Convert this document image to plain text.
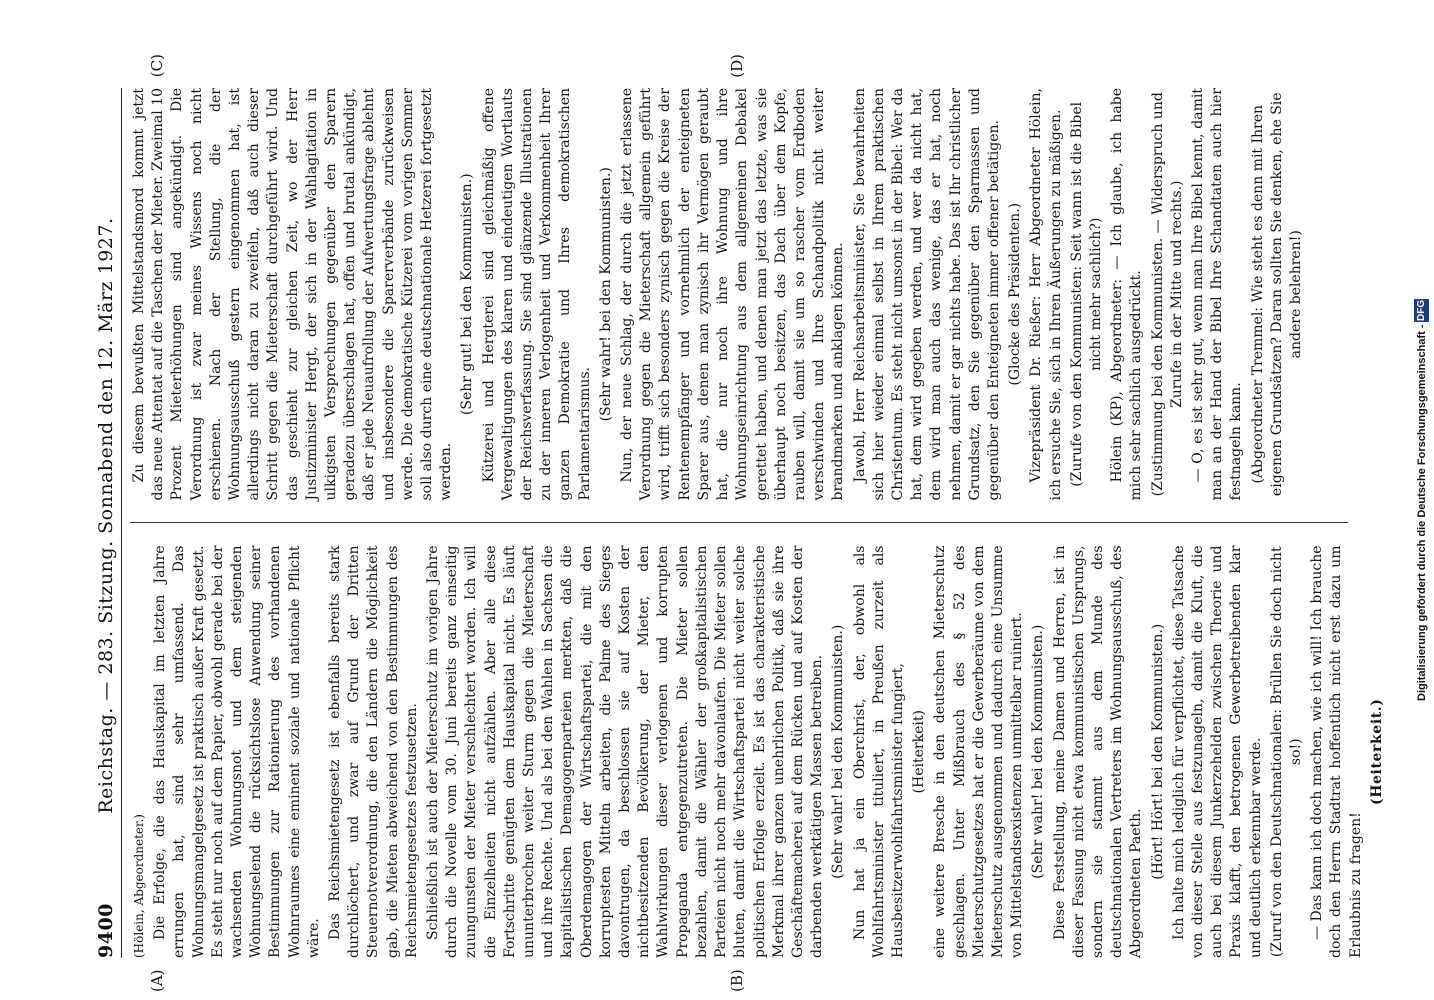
9400
Reichstag. — 283. Sitzung. Sonnabend den 12. März 1927.

(Hölein, Abgeordneter.) Die Erfolge, die das Hauskapital im letzten Jahre errungen hat, sind sehr umfassend. Das Wohnungsmangelgesetz ist praktisch außer Kraft gesetzt. Es steht nur noch auf dem Papier, obwohl gerade bei der wachsenden Wohnungsnot und dem steigenden Wohnungselend die rücksichtslose Anwendung seiner Bestimmungen zur Rationierung des vorhandenen Wohnraumes eine eminent soziale und nationale Pflicht wäre. Das Reichsmietengesetz ist ebenfalls bereits stark durchlöchert, und zwar auf Grund der Dritten Steuernotverordnung, die den Ländern die Möglichkeit gab, die Mieten abweichend von den Bestimmungen des Reichsmietengesetzes festzusetzen. Schließlich ist auch der Mieterschutz im vorigen Jahre durch die Novelle vom 30. Juni bereits ganz einseitig zuungunsten der Mieter verschlechtert worden. Ich will die Einzelheiten nicht aufzählen. Aber alle diese Fortschritte genügten dem Hauskapital nicht. Es läuft ununterbrochen weiter Sturm gegen die Mieterschaft und ihre Rechte. Und als bei den Wahlen in Sachsen die kapitalistischen Demagogenparteien merkten, daß die Oberdemagogen der Wirtschaftspartei, die mit den korruptesten Mitteln arbeiten, die Palme des Sieges davontrugen, da beschlossen sie auf Kosten der nichtbesitzenden Bevölkerung, der Mieter, den Wahlwirkungen dieser verlogenen und korrupten Propaganda entgegenzutreten. Die Mieter sollen bezahlen, damit die Wähler der großkapitalistischen Parteien nicht noch mehr davonlaufen. Die Mieter sollen bluten, damit die Wirtschaftspartei nicht weiter solche politischen Erfolge erzielt. Es ist das charakteristische Merkmal ihrer ganzen unehrlichen Politik, daß sie ihre Geschäftemacherei auf dem Rücken und auf Kosten der darbenden werktätigen Massen betreiben. (Sehr wahr! bei den Kommunisten.) Nun hat ja ein Oberchrist, der, obwohl als Wohlfahrtsminister tituliert, in Preußen zurzeit als Hausbesitzerwohlfahrtsminister fungiert, (Heiterkeit) eine weitere Bresche in den deutschen Mieterschutz geschlagen. Unter Mißbrauch des § 52 des Mieterschutzgesetzes hat er die Gewerberäume von dem Mieterschutz ausgenommen und dadurch eine Unsumme von Mittelstandsexistenzen unmittelbar ruiniert. (Sehr wahr! bei den Kommunisten.) Diese Feststellung, meine Damen und Herren, ist in dieser Fassung nicht etwa kommunistischen Ursprungs, sondern sie stammt aus dem Munde des deutschnationalen Vertreters im Wohnungsausschuß, des Abgeordneten Paeth.

(Hört! Hört! bei den Kommunisten.) Ich halte mich lediglich für verpflichtet, diese Tatsache von dieser Stelle aus festzunageln, damit die Kluft, die auch bei diesem Junkerzehelden zwischen Theorie und Praxis klafft, den betrogenen Gewerbetreibenden klar und deutlich erkennbar werde. (Zuruf von den Deutschnationalen: Brüllen Sie doch nicht so!) — Das kann ich doch machen, wie ich will! Ich brauche doch den Herrn Stadtrat hoffentlich nicht erst dazu um Erlaubnis zu fragen!

(Heiterkeit.)

Zu diesem bewußten Mittelstandsmord kommt jetzt das neue Attentat auf die Taschen der Mieter. Zweimal 10 Prozent Mieterhöhungen sind angekündigt. Die Verordnung ist zwar meines Wissens noch nicht erschienen. Nach der Stellung, die der Wohnungsausschuß gestern eingenommen hat, ist allerdings nicht daran zu zweifeln, daß auch dieser Schritt gegen die Mieterschaft durchgeführt wird. Und das geschieht zur gleichen Zeit, wo der Herr Justizminister Hergt, der sich in der Wahlagitation in ulkigsten Versprechungen gegenüber den Sparern geradezu überschlagen hat, offen und brutal ankündigt, daß er jede Neuaufrollung der Aufwertungsfrage ablehnt und insbesondere die Sparerverbände zurückweisen werde. Die demokratische Kützerei vom vorigen Sommer soll also durch eine deutschnationale Hetzerei fortgesetzt werden.

(Sehr gut! bei den Kommunisten.) Kützerei und Hergterei sind gleichmäßig offene Vergewaltigungen des klaren und eindeutigen Wortlauts der Reichsverfassung. Sie sind glänzende Illustrationen zu der inneren Verlogenheit und Verkommenheit Ihrer ganzen Demokratie und Ihres demokratischen Parlamentarismus.

(Sehr wahr! bei den Kommunisten.) Nun, der neue Schlag, der durch die jetzt erlassene Verordnung gegen die Mieterschaft allgemein geführt wird, trifft sich besonders zynisch gegen die Kreise der Rentenempfänger und vornehmlich der enteigneten Sparer aus, denen man zynisch ihr Vermögen geraubt hat, die nur noch ihre Wohnung und ihre Wohnungseinrichtung aus dem allgemeinen Debakel gerettet haben, und denen man jetzt das letzte, was sie überhaupt noch besitzen, das Dach über dem Kopfe, rauben will, damit sie um so rascher vom Erdboden verschwinden und Ihre Schandpolitik nicht weiter brandmarken und anklagen können. Jawohl, Herr Reichsarbeitsminister, Sie bewahrheiten sich hier wieder einmal selbst in Ihrem praktischen Christentum. Es steht nicht umsonst in der Bibel: Wer da hat, dem wird gegeben werden, und wer da nicht hat, dem wird man auch das wenige, das er hat, noch nehmen, damit er gar nichts habe. Das ist Ihr christlicher Grundsatz, den Sie gegenüber den Sparmassen und gegenüber den Enteigneten immer offener betätigen. (Glocke des Präsidenten.) Vizepräsident Dr. Rießer: Herr Abgeordneter Hölein, ich ersuche Sie, sich in Ihren Äußerungen zu mäßigen. (Zurufe von den Kommunisten: Seit wann ist die Bibel nicht mehr sachlich?) Hölein (KP), Abgeordneter: — Ich glaube, ich habe mich sehr sachlich ausgedrückt. (Zustimmung bei den Kommunisten. — Widerspruch und Zurufe in der Mitte und rechts.) — O, es ist sehr gut, wenn man Ihre Bibel kennt, damit man an der Hand der Bibel Ihre Schandtaten auch hier festnageln kann. (Abgeordneter Tremmel: Wie steht es denn mit Ihren eigenen Grundsätzen? Daran sollten Sie denken, ehe Sie andere belehren!)
(A)	(B)
(C)	(D)
Digitalisierung gefördert durch die Deutsche Forschungsgemeinschaft - DFG
